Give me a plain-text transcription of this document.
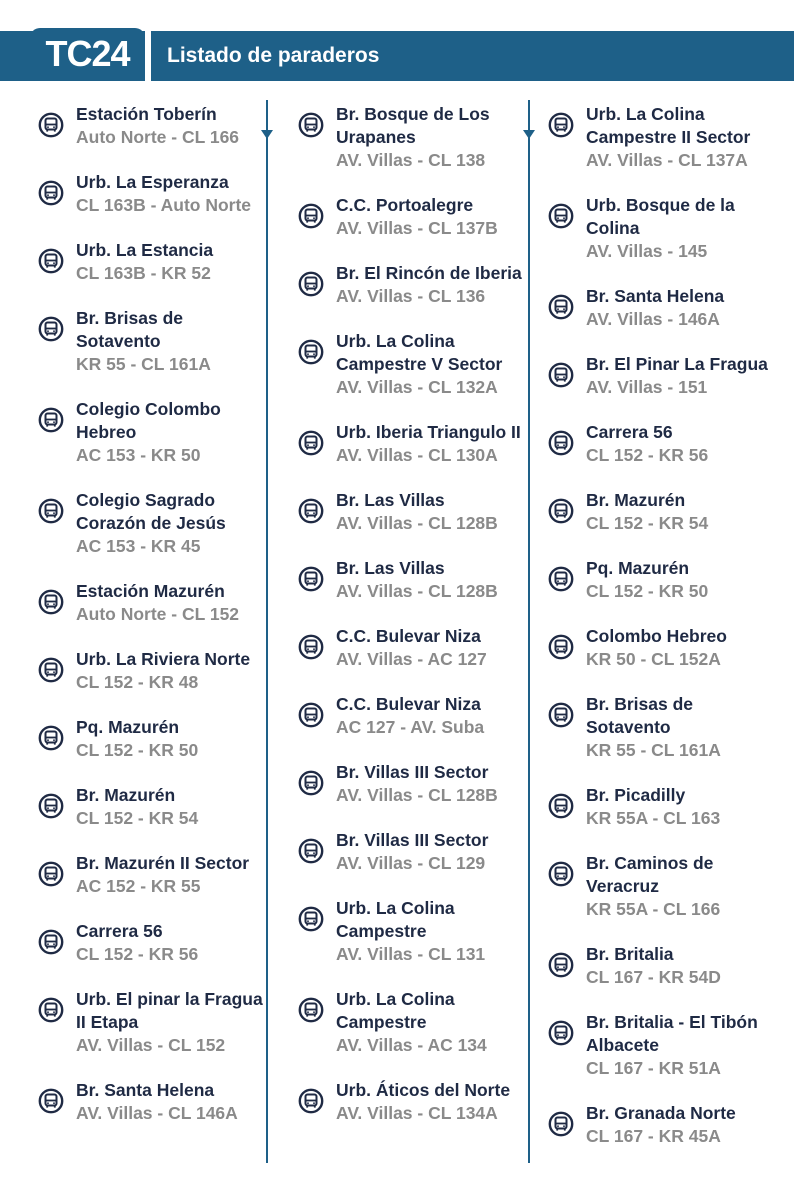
TC24	Listado de paraderos
Estación Toberín
Auto Norte - CL 166
Urb. La Esperanza
CL 163B - Auto Norte
Urb. La Estancia
CL 163B - KR 52
Br. Brisas de
Sotavento
KR 55 - CL 161A
Colegio Colombo
Hebreo
AC 153 - KR 50
Colegio Sagrado
Corazón de Jesús
AC 153 - KR 45
Estación Mazurén
Auto Norte - CL 152
Urb. La Riviera Norte
CL 152 - KR 48
Pq. Mazurén
CL 152 - KR 50
Br. Mazurén
CL 152 - KR 54
Br. Mazurén II Sector
AC 152 - KR 55
Carrera 56
CL 152 - KR 56
Urb. El pinar la Fragua
II Etapa
AV. Villas - CL 152
Br. Santa Helena
AV. Villas - CL 146A
Br. Bosque de Los
Urapanes
AV. Villas - CL 138
C.C. Portoalegre
AV. Villas - CL 137B
Br. El Rincón de Iberia
AV. Villas - CL 136
Urb. La Colina
Campestre V Sector
AV. Villas - CL 132A
Urb. Iberia Triangulo II
AV. Villas - CL 130A
Br. Las Villas
AV. Villas - CL 128B
Br. Las Villas
AV. Villas - CL 128B
C.C. Bulevar Niza
AV. Villas - AC 127
C.C. Bulevar Niza
AC 127 - AV. Suba
Br. Villas III Sector
AV. Villas - CL 128B
Br. Villas III Sector
AV. Villas - CL 129
Urb. La Colina
Campestre
AV. Villas - CL 131
Urb. La Colina
Campestre
AV. Villas - AC 134
Urb. Áticos del Norte
AV. Villas - CL 134A
Urb. La Colina
Campestre II Sector
AV. Villas - CL 137A
Urb. Bosque de la
Colina
AV. Villas - 145
Br. Santa Helena
AV. Villas - 146A
Br. El Pinar La Fragua
AV. Villas - 151
Carrera 56
CL 152 - KR 56
Br. Mazurén
CL 152 - KR 54
Pq. Mazurén
CL 152 - KR 50
Colombo Hebreo
KR 50 - CL 152A
Br. Brisas de
Sotavento
KR 55 - CL 161A
Br. Picadilly
KR 55A - CL 163
Br. Caminos de
Veracruz
KR 55A - CL 166
Br. Britalia
CL 167 - KR 54D
Br. Britalia - El Tibón
Albacete
CL 167 - KR 51A
Br. Granada Norte
CL 167 - KR 45A
